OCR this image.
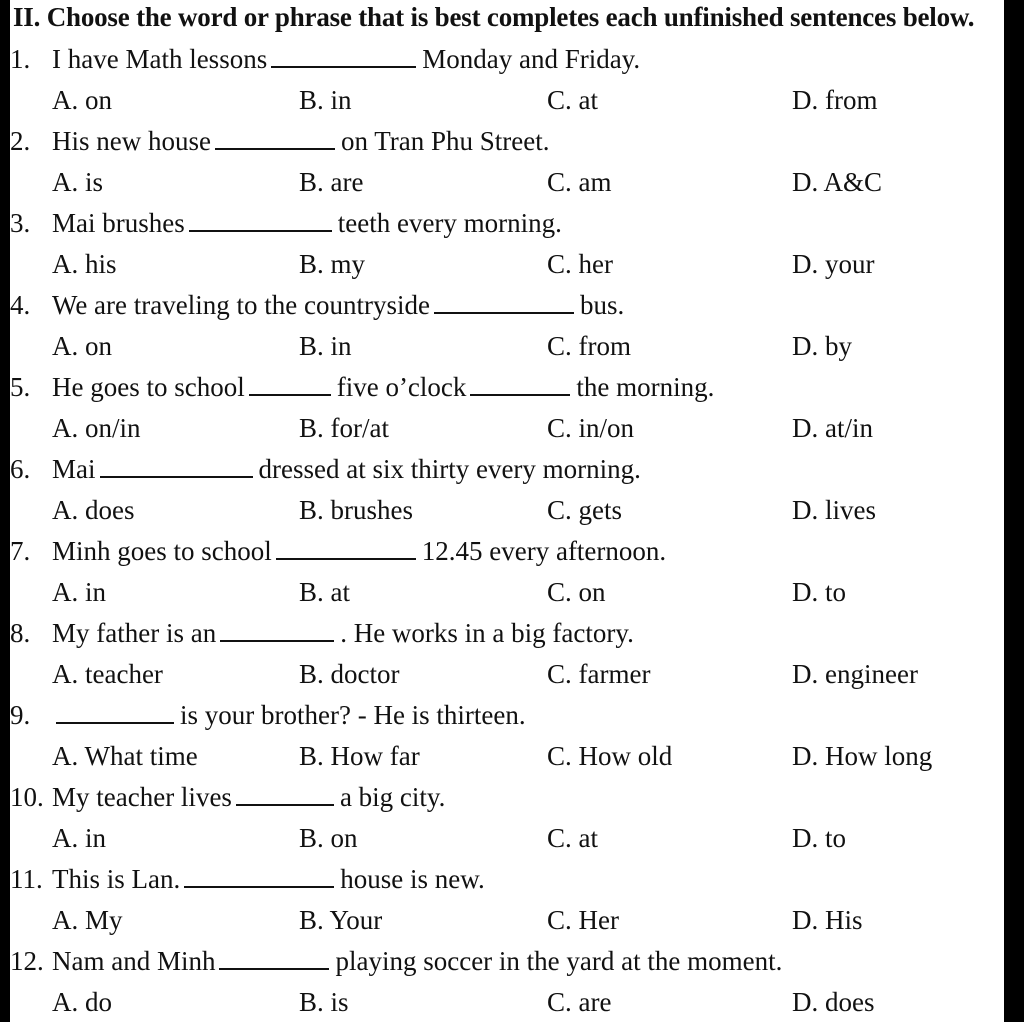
II. Choose the word or phrase that is best completes each unfinished sentences below.
1. I have Math lessons	Monday and Friday.
A. on	B. in	C. at	D. from
2. His new house	on Tran Phu Street.
A. is	B. are	C. am	D. A&C
3. Mai brushes	teeth every morning.
A. his	B. my	C. her	D. your
4. We are traveling to the countryside	bus.
A. on	B. in	C. from	D. by
5. He goes to school	five o’clock	the morning.
A. on/in	B. for/at	C. in/on	D. at/in
6. Mai	dressed at six thirty every morning.
A. does	B. brushes	C. gets	D. lives
7. Minh goes to school	12.45 every afternoon.
A. in	B. at	C. on	D. to
8. My father is an	. He works in a big factory.
A. teacher	B. doctor	C. farmer	D. engineer
9.	is your brother? - He is thirteen.
A. What time	B. How far	C. How old	D. How long
10. My teacher lives	a big city.
A. in	B. on	C. at	D. to
11. This is Lan.	house is new.
A. My	B. Your	C. Her	D. His
12. Nam and Minh	playing soccer in the yard at the moment.
A. do	B. is	C. are	D. does
